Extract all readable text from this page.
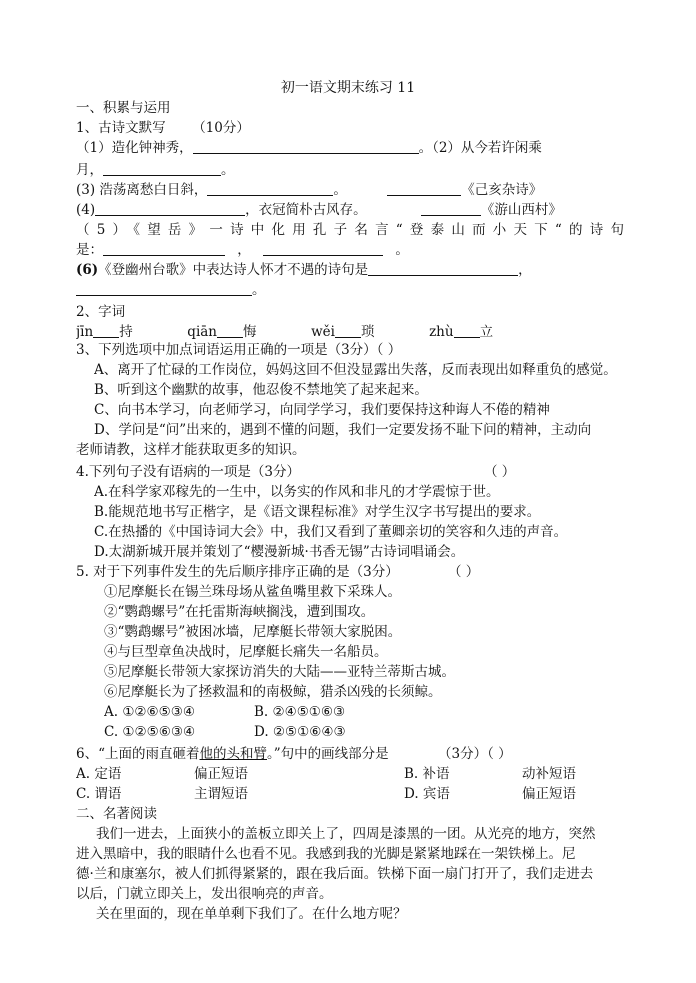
初一语文期末练习 11
一、积累与运用
1、古诗文默写 （10分）
（1）造化钟神秀，	。（2）从今若许闲乘
月，	。
(3) 浩荡离愁白日斜，	。	《己亥杂诗》
(4)	，衣冠简朴古风存。	《游山西村》
（5）《望岳》一诗中化用孔子名言“登泰山而小天下“的诗句
是：	，	。
(6)《登幽州台歌》中表达诗人怀才不遇的诗句是	，
。
2、字词
jīn 持	qiān 悔	wěi 琐	zhù 立
3、下列选项中加点词语运用正确的一项是（3分）（ ）
A、离开了忙碌的工作岗位，妈妈这回不但没显露出失落，反而表现出如释重负的感觉。
B、听到这个幽默的故事，他忍俊不禁地笑了起来起来。
C、向书本学习，向老师学习，向同学学习，我们要保持这种诲人不倦的精神
D、学问是“问”出来的，遇到不懂的问题，我们一定要发扬不耻下问的精神，主动向
老师请教，这样才能获取更多的知识。
4.下列句子没有语病的一项是（3分）	（ ）
A.在科学家邓稼先的一生中，以务实的作风和非凡的才学震惊于世。
B.能规范地书写正楷字，是《语文课程标准》对学生汉字书写提出的要求。
C.在热播的《中国诗词大会》中，我们又看到了董卿亲切的笑容和久违的声音。
D.太湖新城开展并策划了“樱漫新城·书香无锡”古诗词唱诵会。
5. 对于下列事件发生的先后顺序排序正确的是（3分）	（ ）
①尼摩艇长在锡兰珠母场从鲨鱼嘴里救下采珠人。
②“鹦鹉螺号”在托雷斯海峡搁浅，遭到围攻。
③“鹦鹉螺号”被困冰墙，尼摩艇长带领大家脱困。
④与巨型章鱼决战时，尼摩艇长痛失一名船员。
⑤尼摩艇长带领大家探访消失的大陆——亚特兰蒂斯古城。
⑥尼摩艇长为了拯救温和的南极鲸，猎杀凶残的长须鲸。
A. ①②⑥⑤③④	B. ②④⑤①⑥③
C. ①②⑤⑥③④	D. ②⑤①⑥④③
6、“上面的雨直砸着他的头和臂。”句中的画线部分是	（3分）（ ）
A. 定语	偏正短语	B. 补语	动补短语
C. 谓语	主谓短语	D. 宾语	偏正短语
二、名著阅读
我们一进去，上面狭小的盖板立即关上了，四周是漆黑的一团。从光亮的地方，突然
进入黑暗中，我的眼睛什么也看不见。我感到我的光脚是紧紧地踩在一架铁梯上。尼
德·兰和康塞尔，被人们抓得紧紧的，跟在我后面。铁梯下面一扇门打开了，我们走进去
以后，门就立即关上，发出很响亮的声音。
关在里面的，现在单单剩下我们了。在什么地方呢？
